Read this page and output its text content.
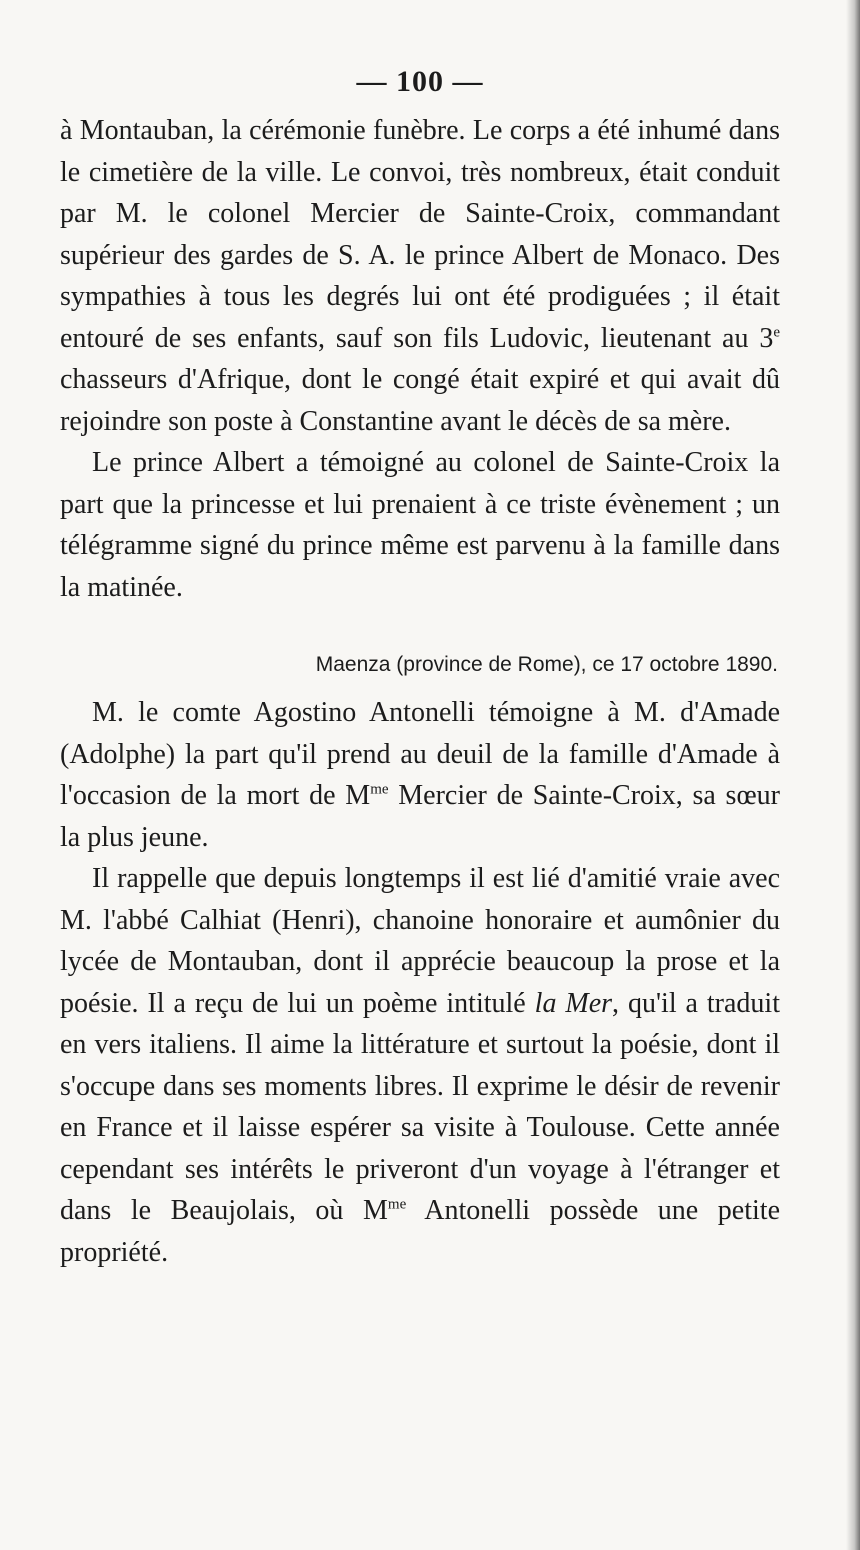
— 100 —

à Montauban, la cérémonie funèbre. Le corps a été inhumé dans le cimetière de la ville. Le convoi, très nombreux, était conduit par M. le colonel Mercier de Sainte-Croix, commandant supérieur des gardes de S. A. le prince Albert de Monaco. Des sympathies à tous les degrés lui ont été prodiguées ; il était entouré de ses enfants, sauf son fils Ludovic, lieutenant au 3e chasseurs d'Afrique, dont le congé était expiré et qui avait dû rejoindre son poste à Constantine avant le décès de sa mère.

Le prince Albert a témoigné au colonel de Sainte-Croix la part que la princesse et lui prenaient à ce triste évènement ; un télégramme signé du prince même est parvenu à la famille dans la matinée.

Maenza (province de Rome), ce 17 octobre 1890.

M. le comte Agostino Antonelli témoigne à M. d'Amade (Adolphe) la part qu'il prend au deuil de la famille d'Amade à l'occasion de la mort de $M^{me}$ Mercier de Sainte-Croix, sa sœur la plus jeune.

Il rappelle que depuis longtemps il est lié d'amitié vraie avec M. l'abbé Calhiat (Henri), chanoine honoraire et aumônier du lycée de Montauban, dont il apprécie beaucoup la prose et la poésie. Il a reçu de lui un poème intitulé la Mer, qu'il a traduit en vers italiens. Il aime la littérature et surtout la poésie, dont il s'occupe dans ses moments libres. Il exprime le désir de revenir en France et il laisse espérer sa visite à Toulouse. Cette année cependant ses intérêts le priveront d'un voyage à l'étranger et dans le Beaujolais, où $M^{me}$ Antonelli possède une petite propriété.
